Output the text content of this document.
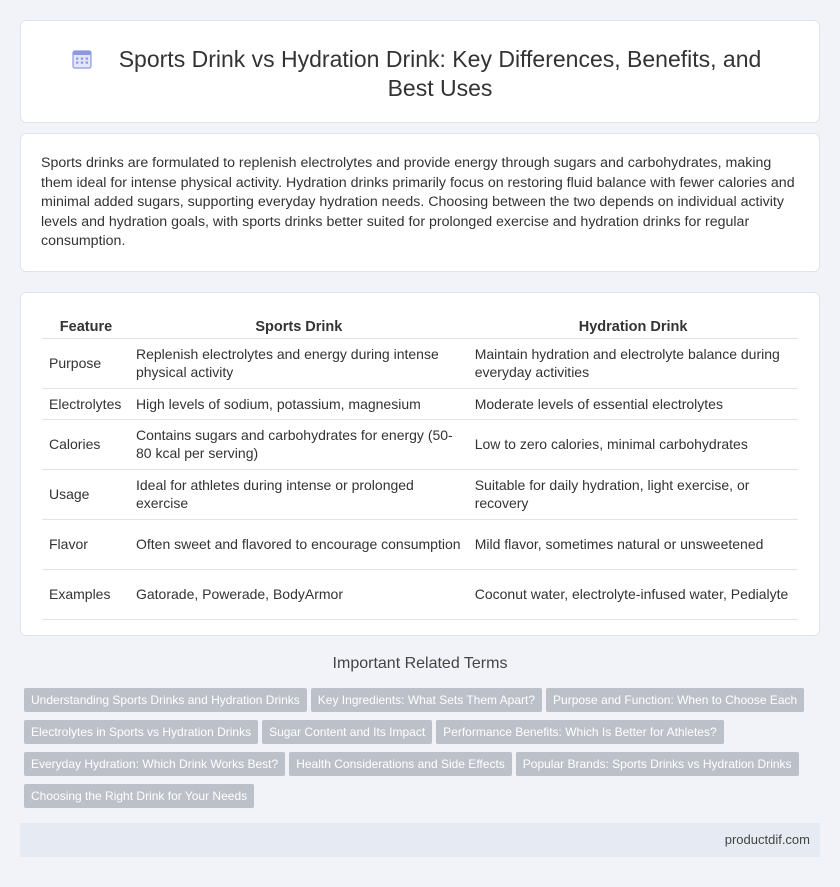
Sports Drink vs Hydration Drink: Key Differences, Benefits, and Best Uses

Sports drinks are formulated to replenish electrolytes and provide energy through sugars and carbohydrates, making them ideal for intense physical activity. Hydration drinks primarily focus on restoring fluid balance with fewer calories and minimal added sugars, supporting everyday hydration needs. Choosing between the two depends on individual activity levels and hydration goals, with sports drinks better suited for prolonged exercise and hydration drinks for regular consumption.

Feature	Sports Drink	Hydration Drink
Purpose	Replenish electrolytes and energy during intense physical activity	Maintain hydration and electrolyte balance during everyday activities
Electrolytes	High levels of sodium, potassium, magnesium	Moderate levels of essential electrolytes
Calories	Contains sugars and carbohydrates for energy (50-80 kcal per serving)	Low to zero calories, minimal carbohydrates
Usage	Ideal for athletes during intense or prolonged exercise	Suitable for daily hydration, light exercise, or recovery
Flavor	Often sweet and flavored to encourage consumption	Mild flavor, sometimes natural or unsweetened
Examples	Gatorade, Powerade, BodyArmor	Coconut water, electrolyte-infused water, Pedialyte
Important Related Terms
Understanding Sports Drinks and Hydration Drinks Key Ingredients: What Sets Them Apart? Purpose and Function: When to Choose Each
Electrolytes in Sports vs Hydration Drinks Sugar Content and Its Impact Performance Benefits: Which Is Better for Athletes?
Everyday Hydration: Which Drink Works Best? Health Considerations and Side Effects Popular Brands: Sports Drinks vs Hydration Drinks
Choosing the Right Drink for Your Needs
productdif.com
